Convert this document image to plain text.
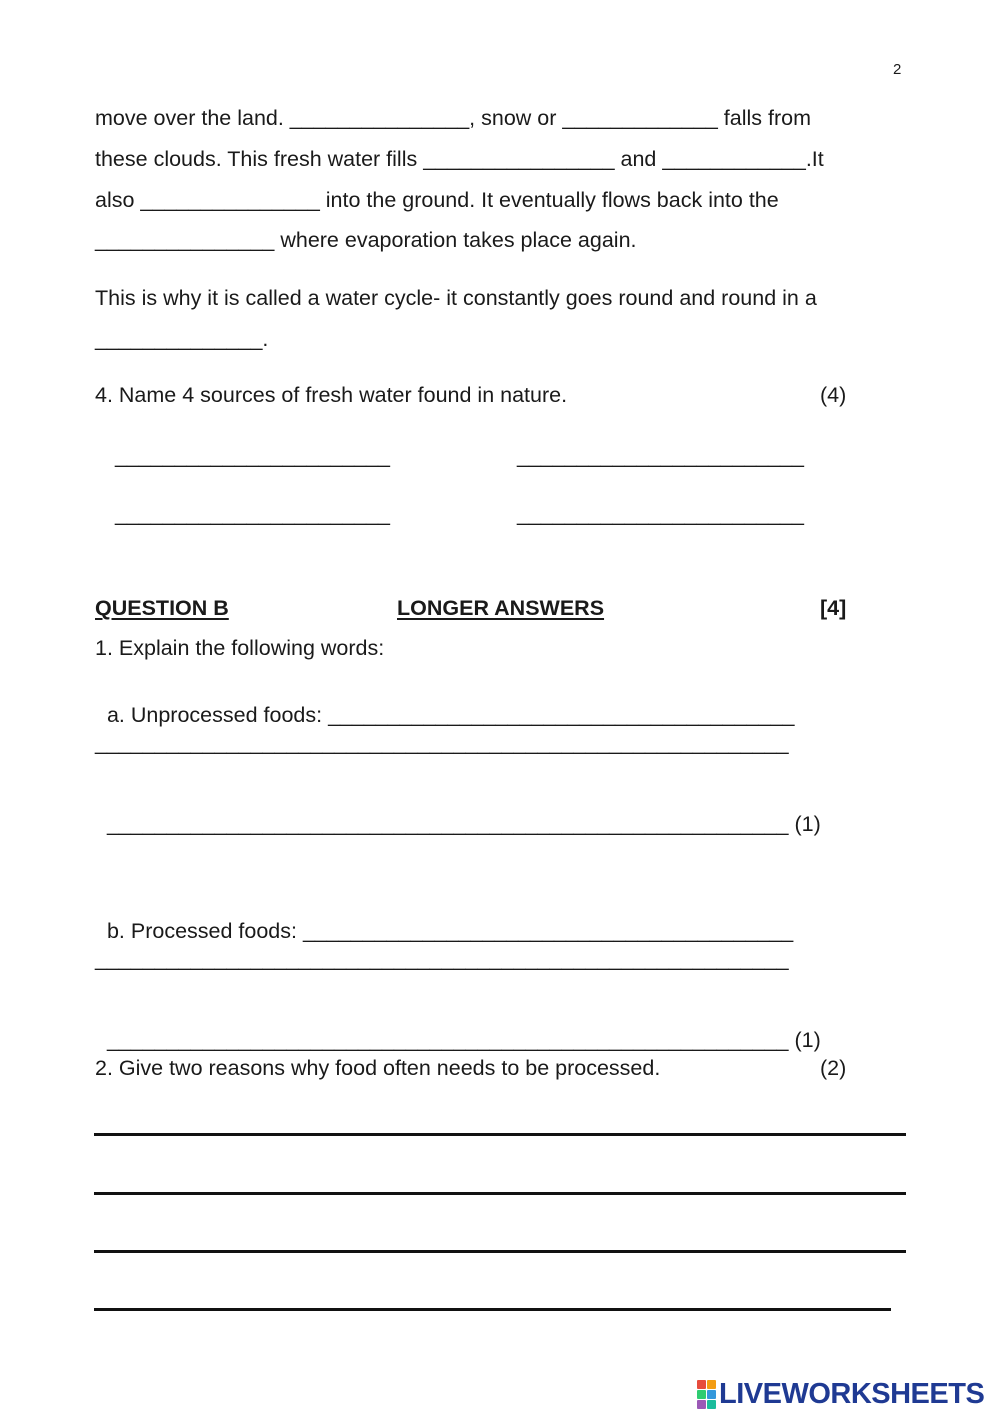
2
move over the land. _______________, snow or _____________ falls from
these clouds. This fresh water fills ________________ and ____________.It
also _______________ into the ground. It eventually flows back into the
_______________ where evaporation takes place again.
This is why it is called a water cycle- it constantly goes round and round in a
______________.
4. Name 4 sources of fresh water found in nature.	(4)
_______________________	________________________
_______________________	________________________
QUESTION B	LONGER ANSWERS	[4]
1. Explain the following words:

a. Unprocessed foods: _______________________________________

__________________________________________________________

_________________________________________________________ (1)

b. Processed foods: _________________________________________

__________________________________________________________

_________________________________________________________ (1)

2. Give two reasons why food often needs to be processed.	(2)
LIVEWORKSHEETS
